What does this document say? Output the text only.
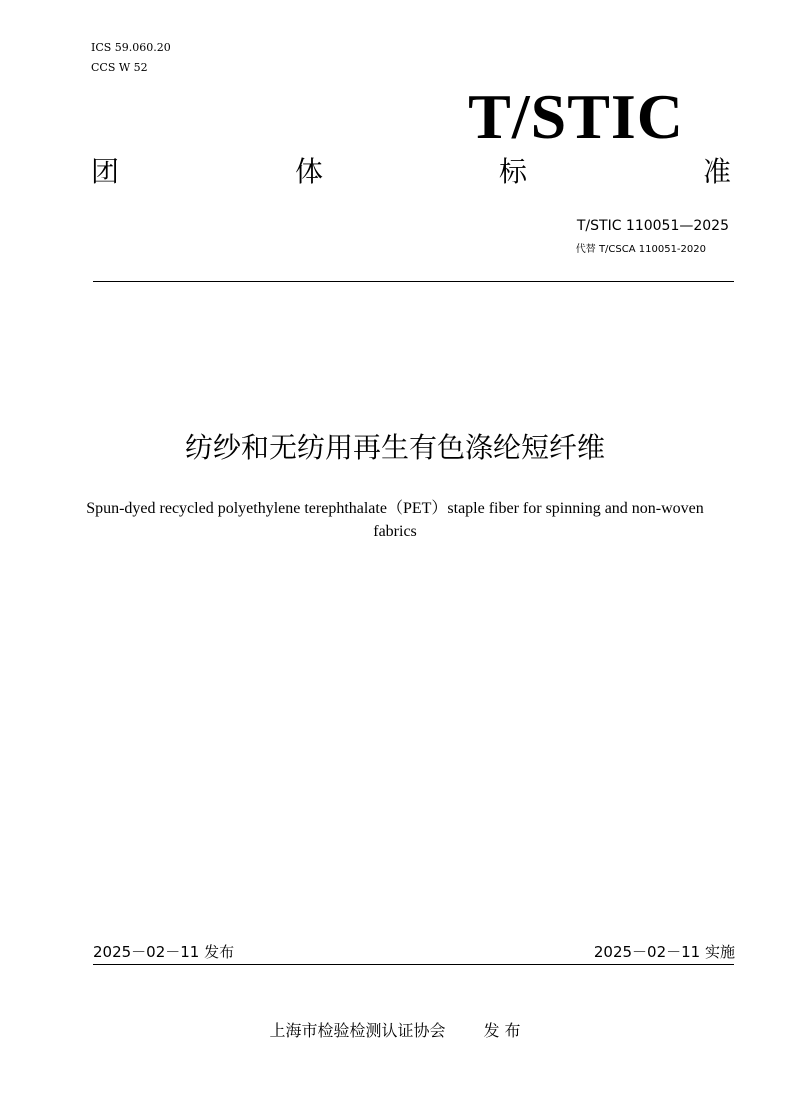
ICS 59.060.20
CCS W 52
T/STIC
团	体	标	准
T/STIC 110051—2025
代替 T/CSCA 110051-2020
纺纱和无纺用再生有色涤纶短纤维
Spun-dyed recycled polyethylene terephthalate（PET）staple fiber for spinning and non-woven fabrics
2025－02－11 发布	2025－02－11 实施
上海市检验检测认证协会 发 布
